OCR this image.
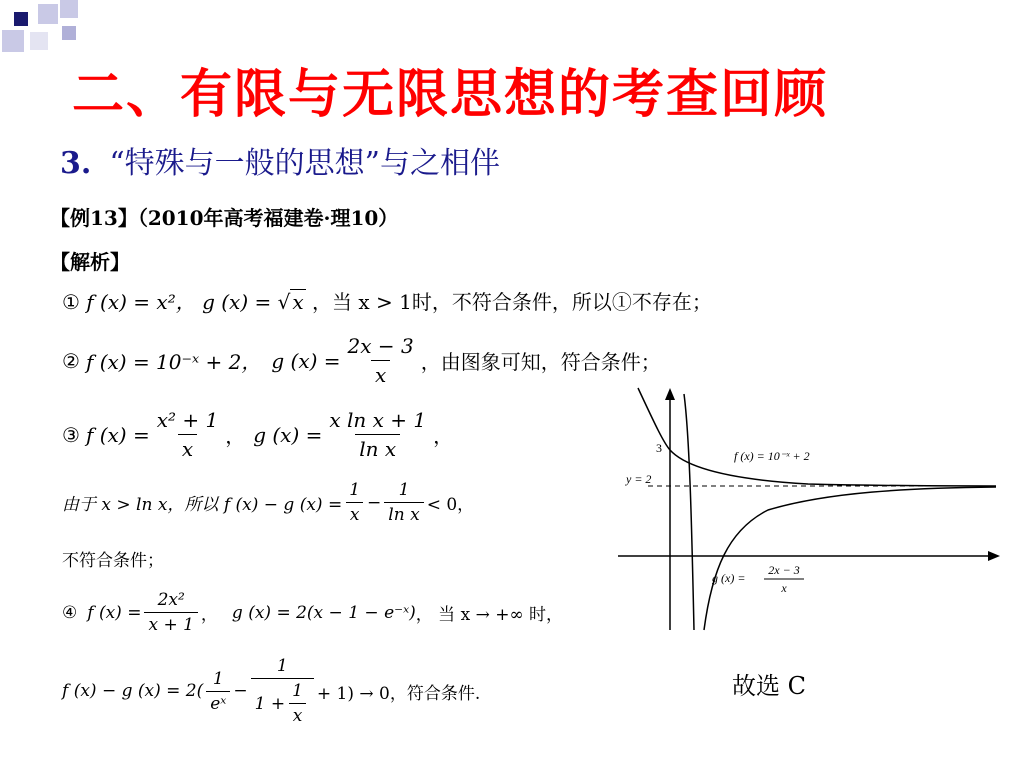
二、有限与无限思想的考查回顾
3. “特殊与一般的思想”与之相伴
【例13】（2010年高考福建卷·理10）
【解析】
① f (x) = x²， g (x) = √ x ，当 x > 1时，不符合条件，所以①不存在；
② f (x) = 10⁻ˣ + 2， g $(x) = \frac{2x - 3}{x}$ ，由图象可知，符合条件；
③ f $(x) = \frac{\text{x² + 1}}{x}$ ， g $(x) = \frac{\text{x ln x + 1}}{\text{ln x}}$ ，
由于 x > ln x，所以 f (x) − g $(x) = \frac{1}{x} - \frac{1}{\text{ln x}} < 0$，
不符合条件；
④ f $(x) = \frac{\text{2x²}}{x + 1}$ ， g (x) = 2(x − 1 − e⁻ˣ) ， 当 x → +∞ 时，
f (x) − g $(x) = 2( \frac{1}{\text{eˣ}} - \frac{1}{1 + \frac{1}{x}} + 1) \to 0$，符合条件.
3
y = 2
f (x) = 10⁻ˣ + 2
g (x) =
2x − 3
x
故选 C
